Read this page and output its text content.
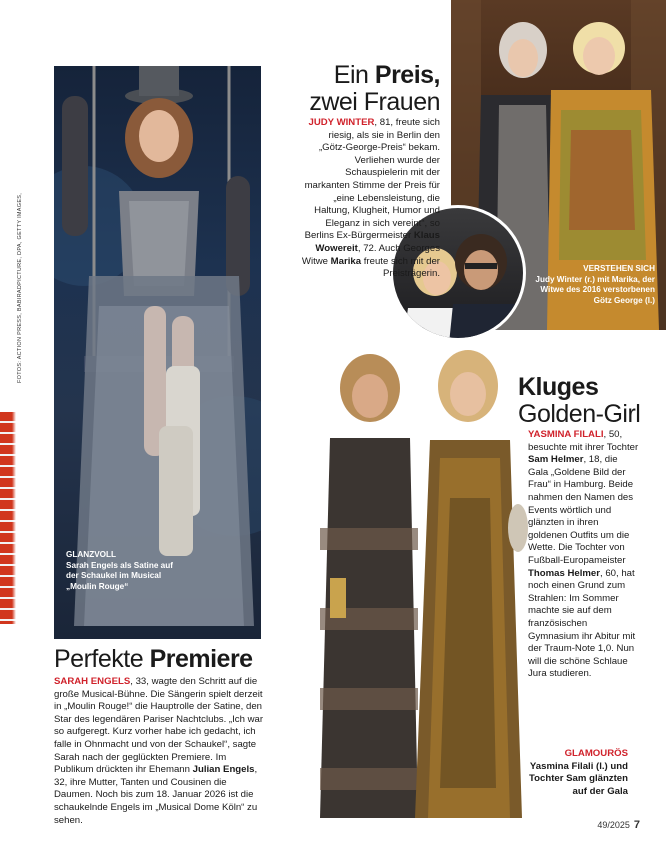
FOTOS: ACTION PRESS, BABIRADPICTURE, DPA, GETTY IMAGES,
GLANZVOLL
Sarah Engels als Satine auf der Schaukel im Musical „Moulin Rouge“
Perfekte Premiere
SARAH ENGELS, 33, wagte den Schritt auf die große Musical-Bühne. Die Sängerin spielt derzeit in „Moulin Rouge!“ die Hauptrolle der Satine, den Star des legendären Pariser Nachtclubs. „Ich war so aufgeregt. Kurz vorher habe ich gedacht, ich falle in Ohnmacht und von der Schaukel“, sagte Sarah nach der geglückten Premiere. Im Publikum drückten ihr Ehemann Julian Engels, 32, ihre Mutter, Tanten und Cousinen die Daumen. Noch bis zum 18. Januar 2026 ist die schaukelnde Engels im „Musical Dome Köln“ zu sehen.
VERSTEHEN SICH
Judy Winter (r.) mit Marika, der Witwe des 2016 verstorbenen Götz George (l.)
Ein Preis,
zwei Frauen
JUDY WINTER, 81, freute sich riesig, als sie in Berlin den „Götz-George-Preis“ bekam. Verliehen wurde der Schauspielerin mit der markanten Stimme der Preis für „eine Lebensleistung, die Haltung, Klugheit, Humor und Eleganz in sich vereint“, so Berlins Ex-Bürgermeister Klaus Wowereit, 72. Auch Georges Witwe Marika freute sich mit der Preisträgerin.
Kluges
Golden-Girl
YASMINA FILALI, 50, besuchte mit ihrer Tochter Sam Helmer, 18, die Gala „Goldene Bild der Frau“ in Hamburg. Beide nahmen den Namen des Events wörtlich und glänzten in ihren goldenen Outfits um die Wette. Die Tochter von Fußball-Europameister Thomas Helmer, 60, hat noch einen Grund zum Strahlen: Im Sommer machte sie auf dem französischen Gymnasium ihr Abitur mit der Traum-Note 1,0. Nun will die schöne Schlaue Jura studieren.
GLAMOURÖS
Yasmina Filali (l.) und Tochter Sam glänzten auf der Gala
49/2025 7
